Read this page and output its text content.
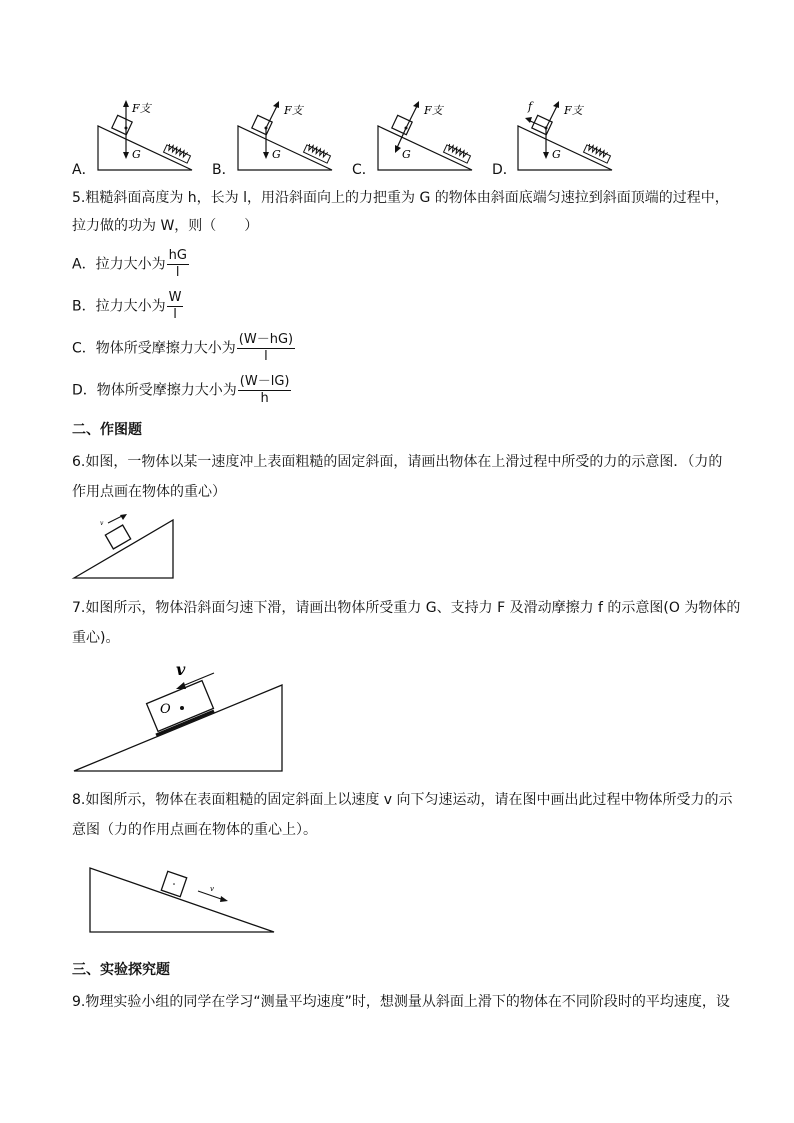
A．
F支
G
B．
F支
G
C．
F支
G
D．
F支
f
G
5.粗糙斜面高度为 h，长为 l，用沿斜面向上的力把重为 G 的物体由斜面底端匀速拉到斜面顶端的过程中，
拉力做的功为 W，则（　　）
A．拉力大小为 $\frac{hG}{l}$
B．拉力大小为 $\frac{W}{l}$
C．物体所受摩擦力大小为 $\frac{(W-hG)}{l}$
D．物体所受摩擦力大小为 $\frac{(W-lG)}{h}$
二、作图题
6.如图，一物体以某一速度冲上表面粗糙的固定斜面，请画出物体在上滑过程中所受的力的示意图．（力的
作用点画在物体的重心）
v
7.如图所示，物体沿斜面匀速下滑，请画出物体所受重力 G、支持力 F 及滑动摩擦力 f 的示意图(O 为物体的
重心)。
O
v
8.如图所示，物体在表面粗糙的固定斜面上以速度 v 向下匀速运动，请在图中画出此过程中物体所受力的示
意图（力的作用点画在物体的重心上）。
v
三、实验探究题
9.物理实验小组的同学在学习“测量平均速度”时，想测量从斜面上滑下的物体在不同阶段时的平均速度，设
